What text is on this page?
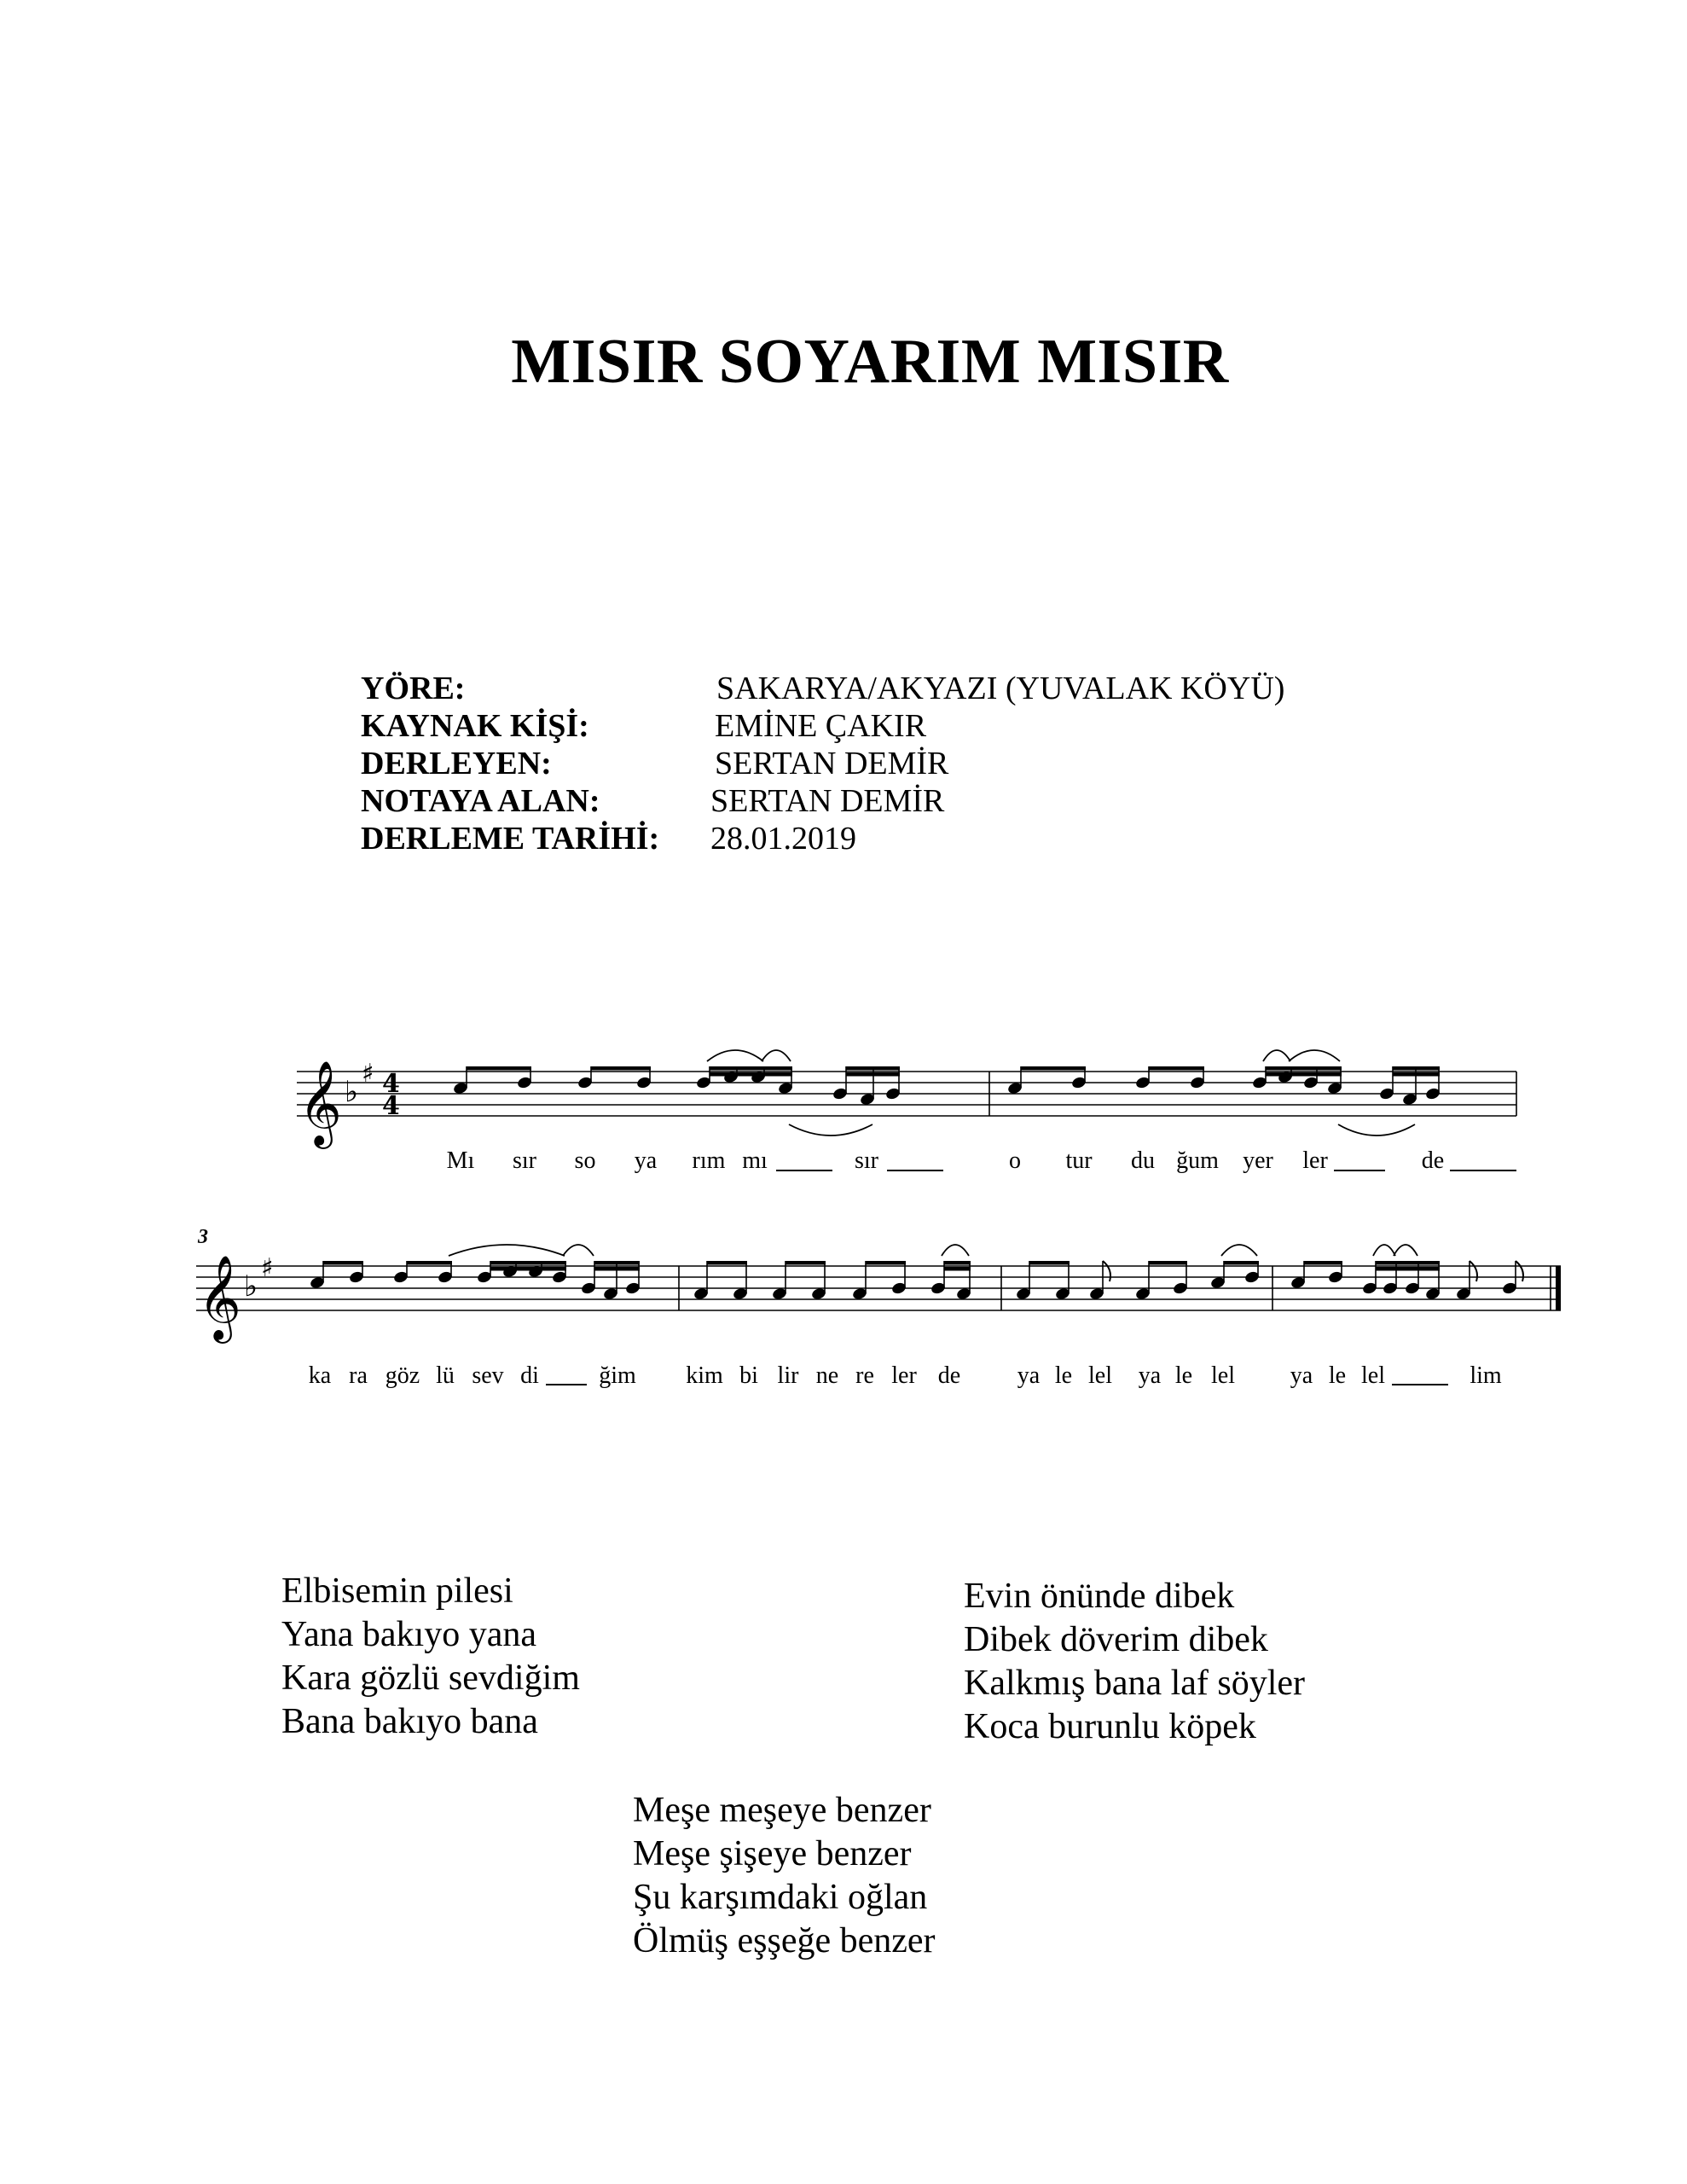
MISIR SOYARIM MISIR
YÖRE:	SAKARYA/AKYAZI (YUVALAK KÖYÜ)
KAYNAK KİŞİ:	EMİNE ÇAKIR
DERLEYEN:	SERTAN DEMİR
NOTAYA ALAN:	SERTAN DEMİR
DERLEME TARİHİ: 28.01.2019
𝄞 ♭
♯ 4
4
𝄞 ♭
♯
3
Mı sır so ya rım mı	sır	o tur du ğum yer ler	de
ka ra göz lü sev di	ğim kim bi lir ne re ler de ya le lel ya le lel ya le lel	lim
Elbisemin pilesi
Yana bakıyo yana
Kara gözlü sevdiğim
Bana bakıyo bana
Evin önünde dibek
Dibek döverim dibek
Kalkmış bana laf söyler
Koca burunlu köpek
Meşe meşeye benzer
Meşe şişeye benzer
Şu karşımdaki oğlan
Ölmüş eşşeğe benzer
